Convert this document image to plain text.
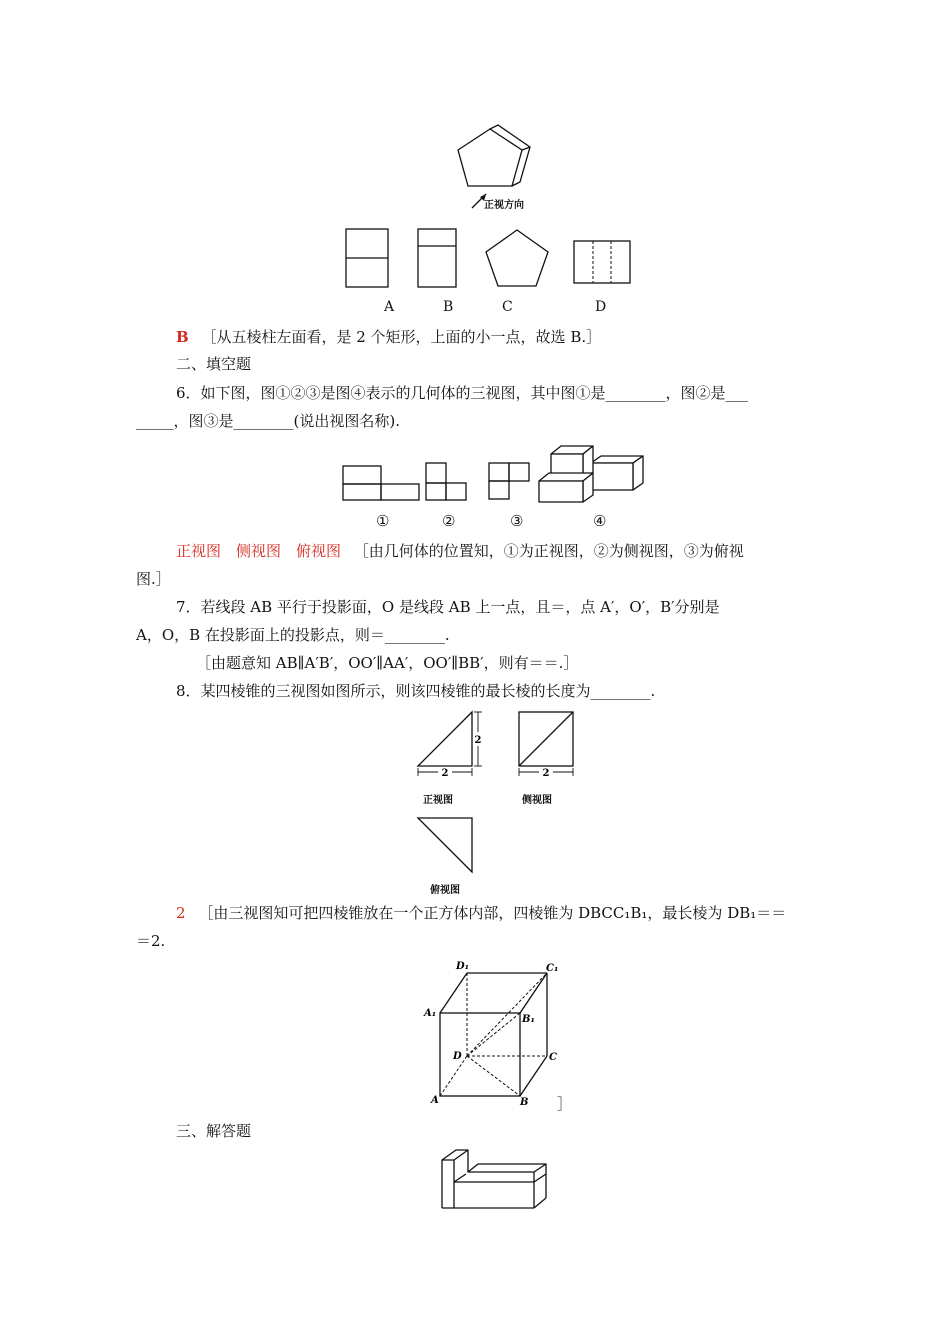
正视方向
A	B	C	D
B ［从五棱柱左面看，是 2 个矩形，上面的小一点，故选 B.］
二、填空题
6．如下图，图①②③是图④表示的几何体的三视图，其中图①是________，图②是___
_____，图③是________(说出视图名称).
①	②	③	④
正视图　侧视图　俯视图 ［由几何体的位置知，①为正视图，②为侧视图，③为俯视
图.］
7．若线段 AB 平行于投影面，O 是线段 AB 上一点，且＝，点 A′，O′，B′分别是
A，O，B 在投影面上的投影点，则＝________.
［由题意知 AB∥A′B′，OO′∥AA′，OO′∥BB′，则有＝＝.］
8．某四棱锥的三视图如图所示，则该四棱锥的最长棱的长度为________.
2
2
正视图
2
侧视图
俯视图
2 ［由三视图知可把四棱锥放在一个正方体内部，四棱锥为 DBCC₁B₁，最长棱为 DB₁＝＝
＝2.
D₁	C₁
A₁
B₁
D	C
A	B ］
三、解答题
